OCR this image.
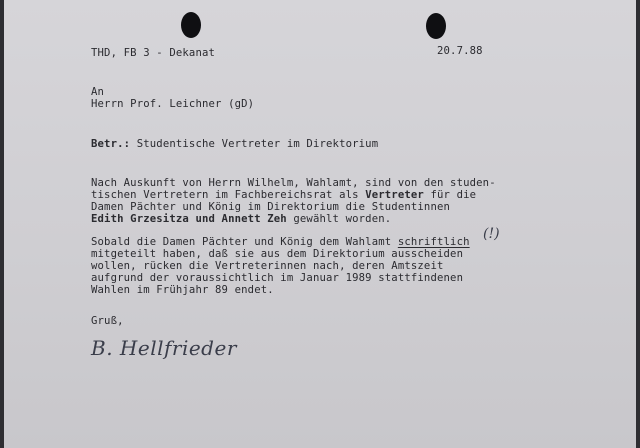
THD, FB 3 - Dekanat	20.7.88
An
Herrn Prof. Leichner (gD)
Betr.: Studentische Vertreter im Direktorium
Nach Auskunft von Herrn Wilhelm, Wahlamt, sind von den studen-
tischen Vertretern im Fachbereichsrat als Vertreter für die
Damen Pächter und König im Direktorium die Studentinnen
Edith Grzesitza und Annett Zeh gewählt worden.
Sobald die Damen Pächter und König dem Wahlamt schriftlich
mitgeteilt haben, daß sie aus dem Direktorium ausscheiden
wollen, rücken die Vertreterinnen nach, deren Amtszeit
aufgrund der voraussichtlich im Januar 1989 stattfindenen
Wahlen im Frühjahr 89 endet.
(!)
Gruß,
B. Hellfrieder
